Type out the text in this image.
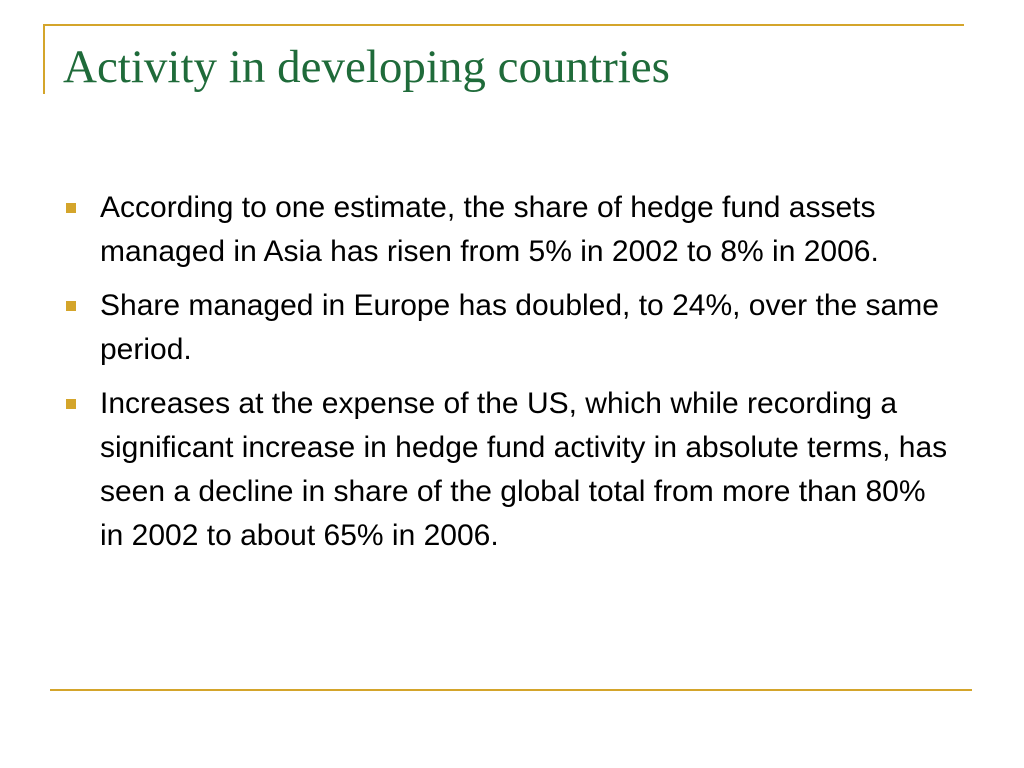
Activity in developing countries
According to one estimate, the share of hedge fund assets managed in Asia has risen from 5% in 2002 to 8% in 2006.
Share managed in Europe has doubled, to 24%, over the same period.
Increases at the expense of the US, which while recording a significant increase in hedge fund activity in absolute terms, has seen a decline in share of the global total from more than 80% in 2002 to about 65% in 2006.
